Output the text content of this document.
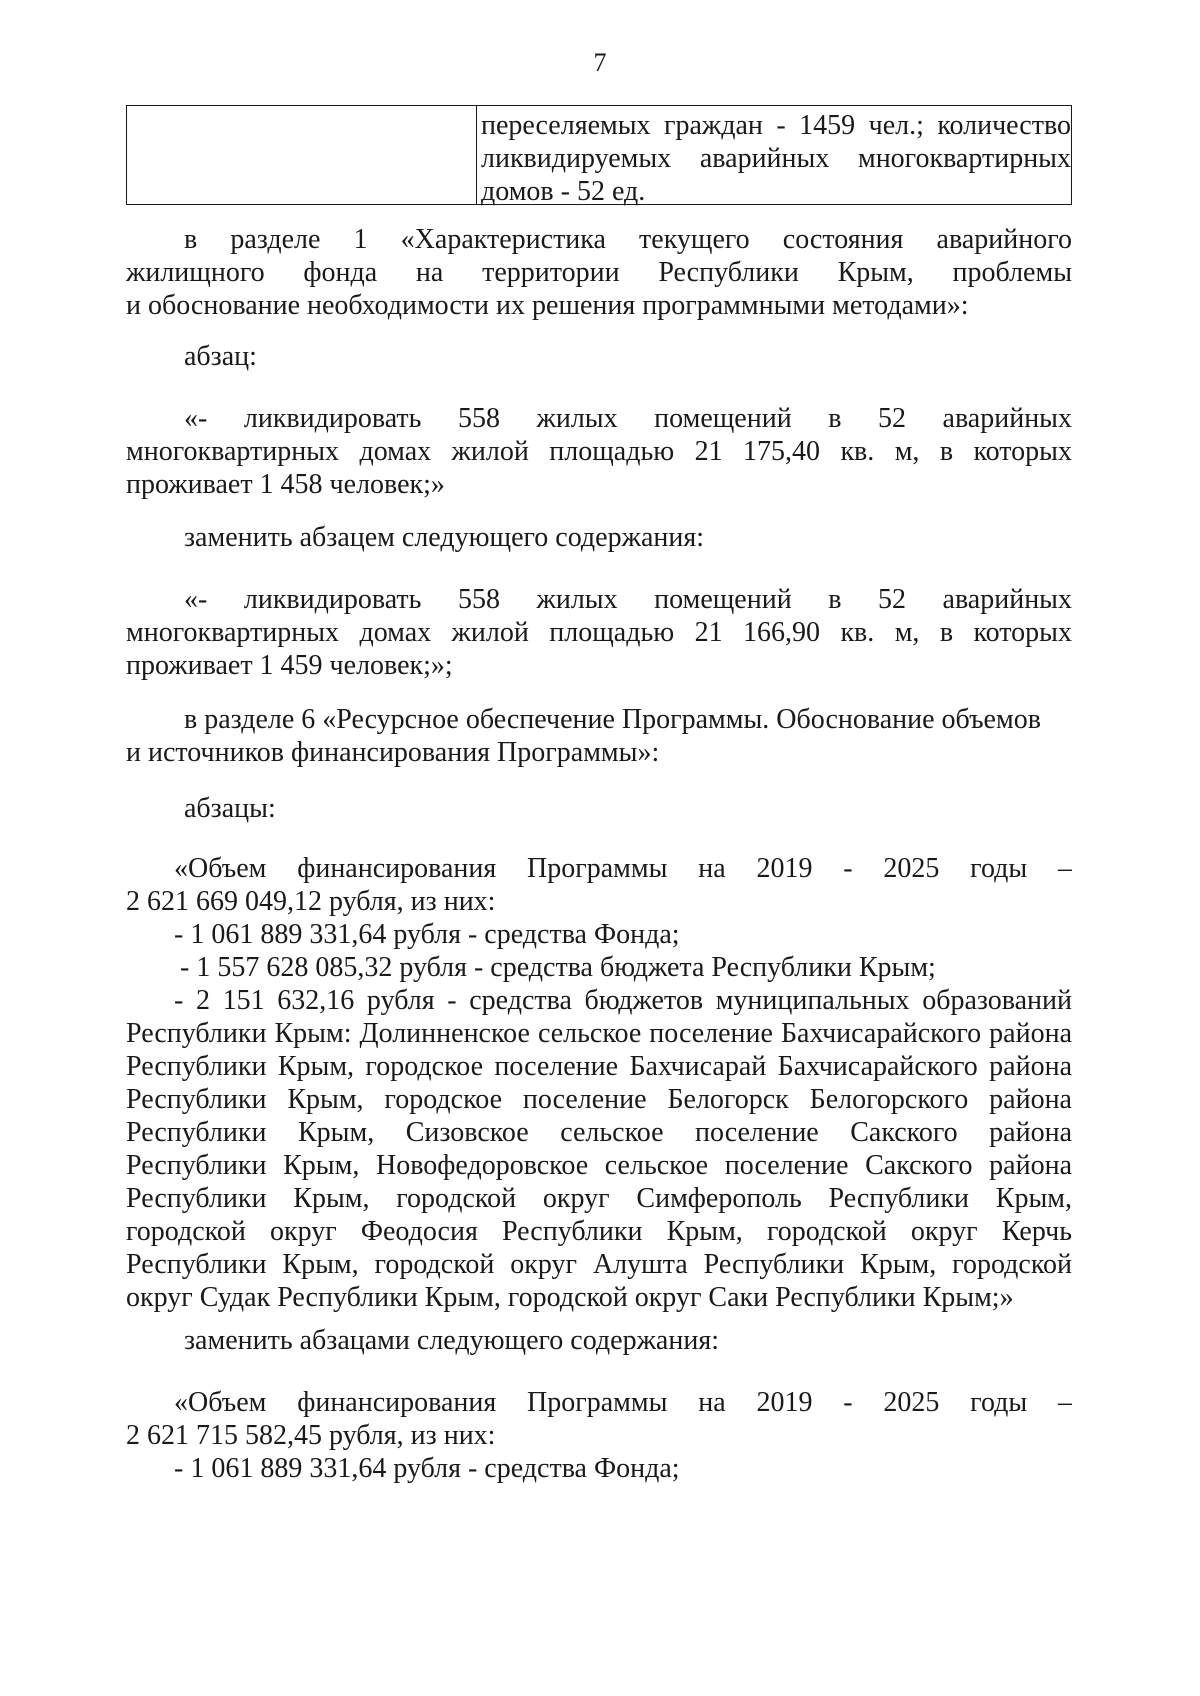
7
переселяемых граждан - 1459 чел.; количество
ликвидируемых аварийных многоквартирных
домов - 52 ед.
в разделе 1 «Характеристика текущего состояния аварийного
жилищного фонда на территории Республики Крым, проблемы
и обоснование необходимости их решения программными методами»:
абзац:
«- ликвидировать 558 жилых помещений в 52 аварийных
многоквартирных домах жилой площадью 21 175,40 кв. м, в которых
проживает 1 458 человек;»
заменить абзацем следующего содержания:
«- ликвидировать 558 жилых помещений в 52 аварийных
многоквартирных домах жилой площадью 21 166,90 кв. м, в которых
проживает 1 459 человек;»;
в разделе 6 «Ресурсное обеспечение Программы. Обоснование объемов
и источников финансирования Программы»:
абзацы:
«Объем финансирования Программы на 2019 - 2025 годы –
2 621 669 049,12 рубля, из них:
- 1 061 889 331,64 рубля - средства Фонда;
- 1 557 628 085,32 рубля - средства бюджета Республики Крым;
- 2 151 632,16 рубля - средства бюджетов муниципальных образований
Республики Крым: Долинненское сельское поселение Бахчисарайского района
Республики Крым, городское поселение Бахчисарай Бахчисарайского района
Республики Крым, городское поселение Белогорск Белогорского района
Республики Крым, Сизовское сельское поселение Сакского района
Республики Крым, Новофедоровское сельское поселение Сакского района
Республики Крым, городской округ Симферополь Республики Крым,
городской округ Феодосия Республики Крым, городской округ Керчь
Республики Крым, городской округ Алушта Республики Крым, городской
округ Судак Республики Крым, городской округ Саки Республики Крым;»
заменить абзацами следующего содержания:
«Объем финансирования Программы на 2019 - 2025 годы –
2 621 715 582,45 рубля, из них:
- 1 061 889 331,64 рубля - средства Фонда;
